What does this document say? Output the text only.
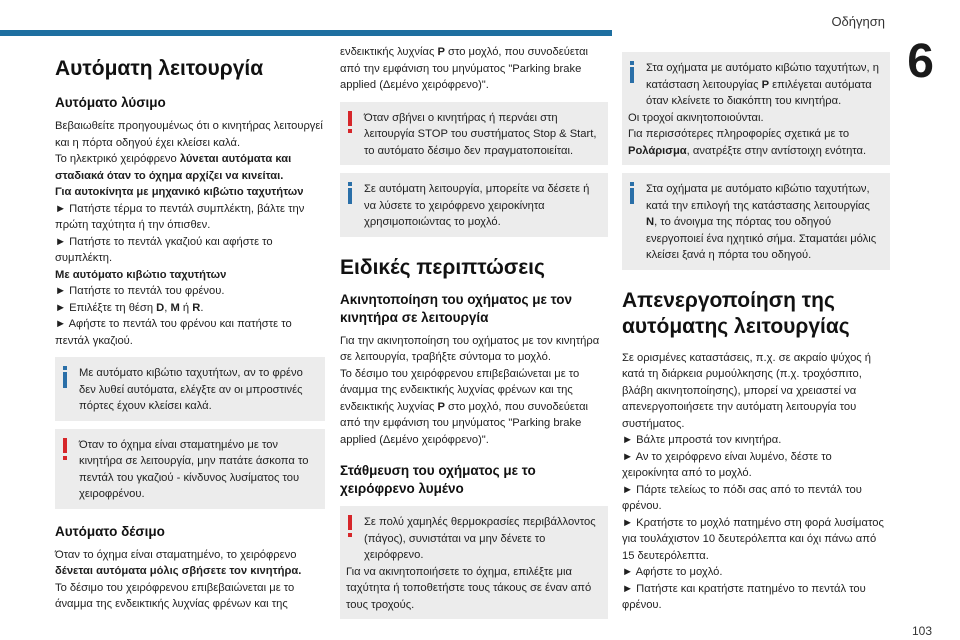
Οδήγηση
6
Αυτόματη λειτουργία
Αυτόματο λύσιμο

Βεβαιωθείτε προηγουμένως ότι ο κινητήρας λειτουργεί και η πόρτα οδηγού έχει κλείσει καλά.

Το ηλεκτρικό χειρόφρενο λύνεται αυτόματα και σταδιακά όταν το όχημα αρχίζει να κινείται.

Για αυτοκίνητα με μηχανικό κιβώτιο ταχυτήτων

► Πατήστε τέρμα το πεντάλ συμπλέκτη, βάλτε την πρώτη ταχύτητα ή την όπισθεν.

► Πατήστε το πεντάλ γκαζιού και αφήστε το συμπλέκτη.

Με αυτόματο κιβώτιο ταχυτήτων

► Πατήστε το πεντάλ του φρένου.

► Επιλέξτε τη θέση D, M ή R.

► Αφήστε το πεντάλ του φρένου και πατήστε το πεντάλ γκαζιού.

Με αυτόματο κιβώτιο ταχυτήτων, αν το φρένο δεν λυθεί αυτόματα, ελέγξτε αν οι μπροστινές πόρτες έχουν κλείσει καλά.

Όταν το όχημα είναι σταματημένο με τον κινητήρα σε λειτουργία, μην πατάτε άσκοπα το πεντάλ του γκαζιού - κίνδυνος λυσίματος του χειροφρένου.

Αυτόματο δέσιμο

Όταν το όχημα είναι σταματημένο, το χειρόφρενο δένεται αυτόματα μόλις σβήσετε τον κινητήρα.

Το δέσιμο του χειρόφρενου επιβεβαιώνεται με το άναμμα της ενδεικτικής λυχνίας φρένων και της

ενδεικτικής λυχνίας P στο μοχλό, που συνοδεύεται από την εμφάνιση του μηνύματος "Parking brake applied (Δεμένο χειρόφρενο)".

Όταν σβήνει ο κινητήρας ή περνάει στη λειτουργία STOP του συστήματος Stop & Start, το αυτόματο δέσιμο δεν πραγματοποιείται.

Σε αυτόματη λειτουργία, μπορείτε να δέσετε ή να λύσετε το χειρόφρενο χειροκίνητα χρησιμοποιώντας το μοχλό.

Ειδικές περιπτώσεις
Ακινητοποίηση του οχήματος με τον κινητήρα σε λειτουργία

Για την ακινητοποίηση του οχήματος με τον κινητήρα σε λειτουργία, τραβήξτε σύντομα το μοχλό.

Το δέσιμο του χειρόφρενου επιβεβαιώνεται με το άναμμα της ενδεικτικής λυχνίας φρένων και της ενδεικτικής λυχνίας P στο μοχλό, που συνοδεύεται από την εμφάνιση του μηνύματος "Parking brake applied (Δεμένο χειρόφρενο)".

Στάθμευση του οχήματος με το χειρόφρενο λυμένο

Σε πολύ χαμηλές θερμοκρασίες περιβάλλοντος (πάγος), συνιστάται να μην δένετε το χειρόφρενο.

Για να ακινητοποιήσετε το όχημα, επιλέξτε μια ταχύτητα ή τοποθετήστε τους τάκους σε έναν από τους τροχούς.

Στα οχήματα με αυτόματο κιβώτιο ταχυτήτων, η κατάσταση λειτουργίας P επιλέγεται αυτόματα όταν κλείνετε το διακόπτη του κινητήρα.

Οι τροχοί ακινητοποιούνται.

Για περισσότερες πληροφορίες σχετικά με το Ρολάρισμα, ανατρέξτε στην αντίστοιχη ενότητα.

Στα οχήματα με αυτόματο κιβώτιο ταχυτήτων, κατά την επιλογή της κατάστασης λειτουργίας N, το άνοιγμα της πόρτας του οδηγού ενεργοποιεί ένα ηχητικό σήμα. Σταματάει μόλις κλείσει ξανά η πόρτα του οδηγού.

Απενεργοποίηση της αυτόματης λειτουργίας

Σε ορισμένες καταστάσεις, π.χ. σε ακραίο ψύχος ή κατά τη διάρκεια ρυμούλκησης (π.χ. τροχόσπιτο, βλάβη ακινητοποίησης), μπορεί να χρειαστεί να απενεργοποιήσετε την αυτόματη λειτουργία του συστήματος.

► Βάλτε μπροστά τον κινητήρα.

► Αν το χειρόφρενο είναι λυμένο, δέστε το χειροκίνητα από το μοχλό.

► Πάρτε τελείως το πόδι σας από το πεντάλ του φρένου.

► Κρατήστε το μοχλό πατημένο στη φορά λυσίματος για τουλάχιστον 10 δευτερόλεπτα και όχι πάνω από 15 δευτερόλεπτα.

► Αφήστε το μοχλό.

► Πατήστε και κρατήστε πατημένο το πεντάλ του φρένου.

103
